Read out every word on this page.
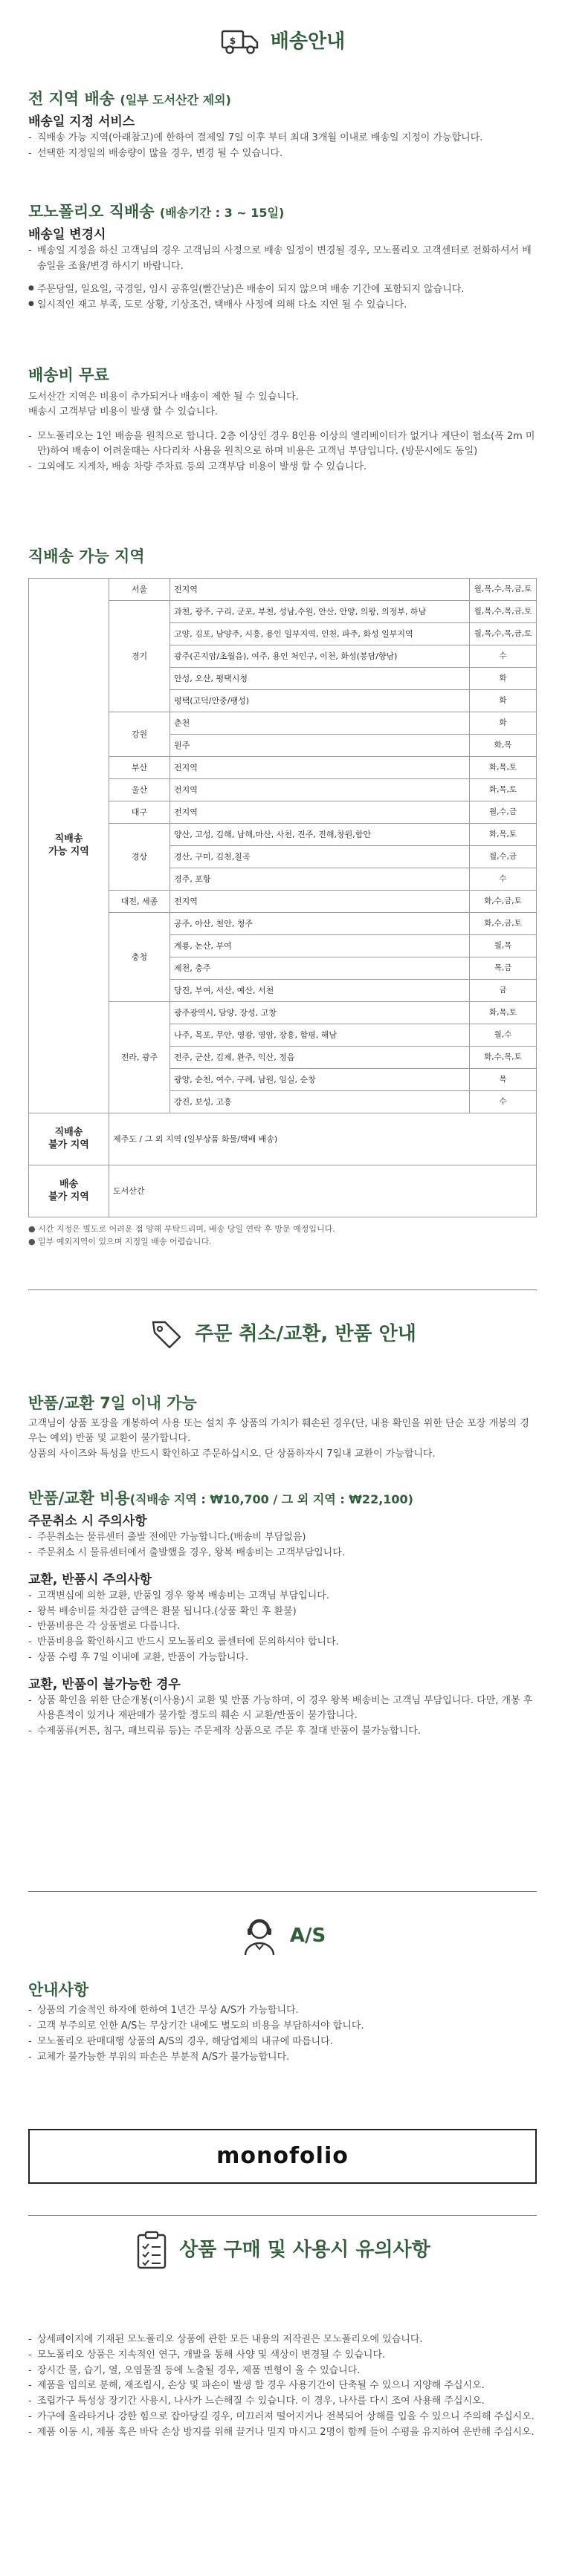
$ 배송안내
전 지역 배송 (일부 도서산간 제외)
배송일 지정 서비스
- 직배송 가능 지역(아래참고)에 한하여 결제일 7일 이후 부터 최대 3개월 이내로 배송일 지정이 가능합니다.
- 선택한 지정일의 배송량이 많을 경우, 변경 될 수 있습니다.
모노폴리오 직배송 (배송기간 : 3 ~ 15일)
배송일 변경시
- 배송일 지정을 하신 고객님의 경우 고객님의 사정으로 배송 일정이 변경될 경우, 모노폴리오 고객센터로 전화하셔서 배송일을 조율/변경 하시기 바랍니다.
● 주문당일, 일요일, 국경일, 임시 공휴일(빨간날)은 배송이 되지 않으며 배송 기간에 포함되지 않습니다.
● 일시적인 재고 부족, 도로 상황, 기상조건, 택배사 사정에 의해 다소 지연 될 수 있습니다.
배송비 무료

도서산간 지역은 비용이 추가되거나 배송이 제한 될 수 있습니다.

배송시 고객부담 비용이 발생 할 수 있습니다.

- 모노폴리오는 1인 배송을 원칙으로 합니다. 2층 이상인 경우 8인용 이상의 엘리베이터가 없거나 계단이 협소(폭 2m 미만)하여 배송이 어려울때는 사다리차 사용을 원칙으로 하며 비용은 고객님 부담입니다. (방문시에도 동일)
- 그외에도 지게차, 배송 차량 주차료 등의 고객부담 비용이 발생 할 수 있습니다.
직배송 가능 지역
직배송
가능 지역	서울	전지역	월,목,수,목,금,토
	경기	과천, 광주, 구리, 군포, 부천, 성남,수원, 안산, 안양, 의왕, 의정부, 하남	월,목,수,목,금,토
		고양, 김포, 남양주, 시흥, 용인 일부지역, 인천, 파주, 화성 일부지역	월,목,수,목,금,토
		광주(곤지암/초월읍), 여주, 용인 처인구, 이천, 화성(봉담/향남)	수
		안성, 오산, 평택시청	화
		평택(고덕/안중/팽성)	화
	강원	춘천	화
		원주	화,목
	부산	전지역	화,목,토
	울산	전지역	화,목,토
	대구	전지역	월,수,금
	경상	양산, 고성, 김해, 남해,마산, 사천, 진주, 진해,창원,함안	화,목,토
		경산, 구미, 김천,칠곡	월,수,금
		경주, 포항	수
	대전, 세종	전지역	화,수,금,토
	충청	공주, 아산, 천안, 청주	화,수,금,토
		계룡, 논산, 부여	월,목
		제천, 충주	목,금
		당진, 부여, 서산, 예산, 서천	금
	전라, 광주	광주광역시, 담양, 장성, 고창	화,목,토
		나주, 목포, 무안, 영광, 영암, 장흥, 함평, 해남	월,수
		전주, 군산, 김제, 완주, 익산, 정읍	화,수,목,토
		광양, 순천, 여수, 구례, 남원, 임실, 순창	목
		강진, 보성, 고흥	수
직배송
불가 지역	제주도 / 그 외 지역 (일부상품 화물/택배 배송)		
배송
불가 지역	도서산간		
● 시간 지정은 별도로 어려운 점 양해 부탁드리며, 배송 당일 연락 후 방문 예정입니다.
● 일부 예외지역이 있으며 지정일 배송 어렵습니다.
주문 취소/교환, 반품 안내
반품/교환 7일 이내 가능

고객님이 상품 포장을 개봉하여 사용 또는 설치 후 상품의 가치가 훼손된 경우(단, 내용 확인을 위한 단순 포장 개봉의 경우는 예외) 반품 및 교환이 불가합니다.

상품의 사이즈와 특성을 반드시 확인하고 주문하십시오. 단 상품하자시 7일내 교환이 가능합니다.

반품/교환 비용(직배송 지역 : ₩10,700 / 그 외 지역 : ₩22,100)
주문취소 시 주의사항
- 주문취소는 물류센터 출발 전에만 가능합니다.(배송비 부담없음)
- 주문취소 시 물류센터에서 출발했을 경우, 왕복 배송비는 고객부담입니다.
교환, 반품시 주의사항
- 고객변심에 의한 교환, 반품일 경우 왕복 배송비는 고객님 부담입니다.
- 왕복 배송비를 차감한 금액은 환불 됩니다.(상품 확인 후 환불)
- 반품비용은 각 상품별로 다릅니다.
- 반품비용을 확인하시고 반드시 모노폴리오 콜센터에 문의하셔야 합니다.
- 상품 수령 후 7일 이내에 교환, 반품이 가능합니다.
교환, 반품이 불가능한 경우
- 상품 확인을 위한 단순개봉(이사용)시 교환 및 반품 가능하며, 이 경우 왕복 배송비는 고객님 부담입니다. 다만, 개봉 후 사용흔적이 있거나 재판매가 불가할 정도의 훼손 시 교환/반품이 불가합니다.
- 수제품류(커튼, 침구, 패브릭류 등)는 주문제작 상품으로 주문 후 절대 반품이 불가능합니다.
A/S
안내사항
- 상품의 기술적인 하자에 한하여 1년간 무상 A/S가 가능합니다.
- 고객 부주의로 인한 A/S는 무상기간 내에도 별도의 비용을 부담하셔야 합니다.
- 모노폴리오 판매대행 상품의 A/S의 경우, 해당업체의 내규에 따릅니다.
- 교체가 불가능한 부위의 파손은 부분적 A/S가 불가능합니다.
monofolio
상품 구매 및 사용시 유의사항
- 상세페이지에 기재된 모노폴리오 상품에 관한 모든 내용의 저작권은 모노폴리오에 있습니다.
- 모노폴리오 상품은 지속적인 연구, 개발을 통해 사양 및 색상이 변경될 수 있습니다.
- 장시간 물, 습기, 열, 오염물질 등에 노출될 경우, 제품 변형이 올 수 있습니다.
- 제품을 임의로 분해, 재조립시, 손상 및 파손이 발생 할 경우 사용기간이 단축될 수 있으니 지양해 주십시오.
- 조립가구 특성상 장기간 사용시, 나사가 느슨해질 수 있습니다. 이 경우, 나사를 다시 조여 사용해 주십시오.
- 가구에 올라타거나 강한 힘으로 잡아당길 경우, 미끄러져 떨어지거나 전복되어 상해를 입을 수 있으니 주의해 주십시오.
- 제품 이동 시, 제품 혹은 바닥 손상 방지를 위해 끌거나 밀지 마시고 2명이 함께 들어 수평을 유지하여 운반해 주십시오.
